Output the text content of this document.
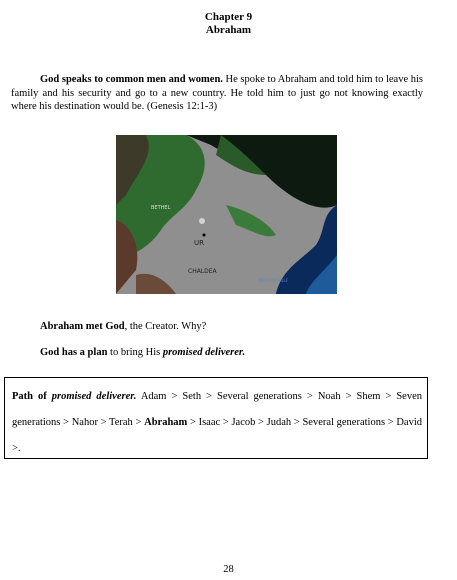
Chapter 9
Abraham

God speaks to common men and women. He spoke to Abraham and told him to leave his family and his security and go to a new country. He told him to just go not knowing exactly where his destination would be. (Genesis 12:1-3)

BETHEL
UR
CHALDEA
PERSIAN GULF

Abraham met God, the Creator. Why?

God has a plan to bring His promised deliverer.

Path of promised deliverer. Adam > Seth > Several generations > Noah > Shem > Seven generations > Nahor > Terah > Abraham > Isaac > Jacob > Judah > Several generations > David >.

28
